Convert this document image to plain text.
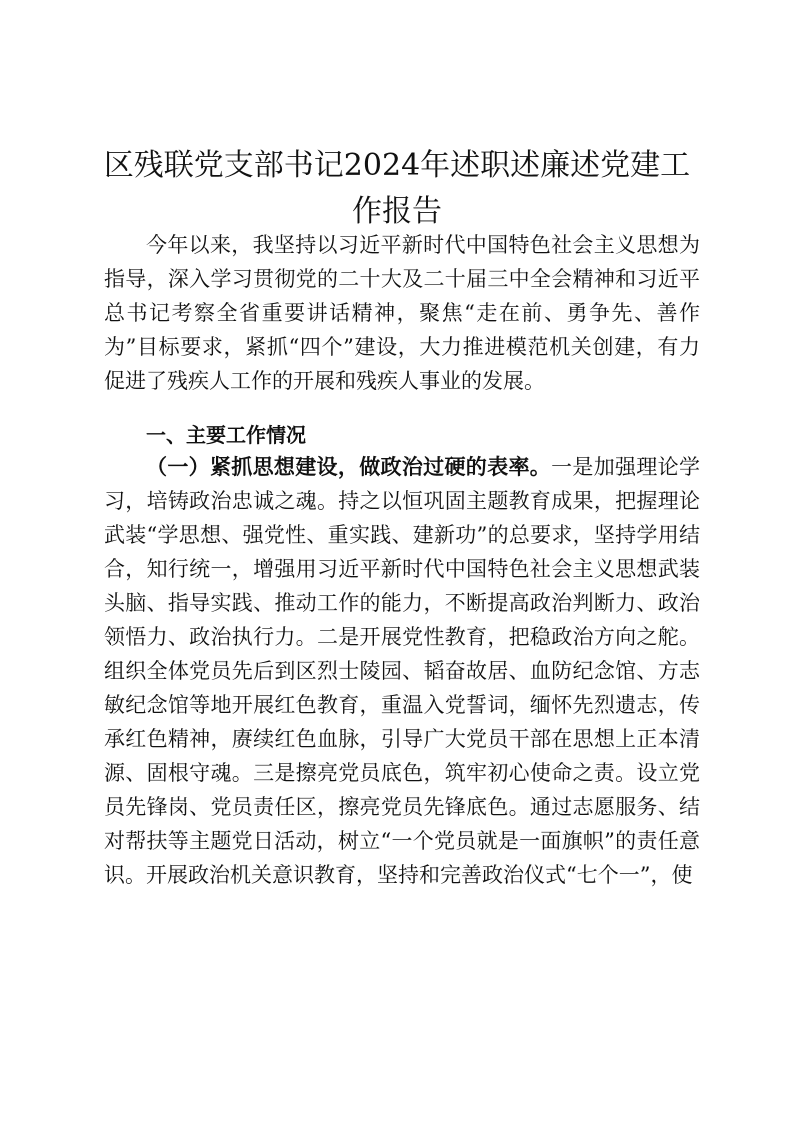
区残联党支部书记2024年述职述廉述党建工作报告

今年以来，我坚持以习近平新时代中国特色社会主义思想为指导，深入学习贯彻党的二十大及二十届三中全会精神和习近平总书记考察全省重要讲话精神，聚焦“走在前、勇争先、善作为”目标要求，紧抓“四个”建设，大力推进模范机关创建，有力促进了残疾人工作的开展和残疾人事业的发展。

一、主要工作情况

（一）紧抓思想建设，做政治过硬的表率。一是加强理论学习，培铸政治忠诚之魂。持之以恒巩固主题教育成果，把握理论武装“学思想、强党性、重实践、建新功”的总要求，坚持学用结合，知行统一，增强用习近平新时代中国特色社会主义思想武装头脑、指导实践、推动工作的能力，不断提高政治判断力、政治领悟力、政治执行力。二是开展党性教育，把稳政治方向之舵。组织全体党员先后到区烈士陵园、韬奋故居、血防纪念馆、方志敏纪念馆等地开展红色教育，重温入党誓词，缅怀先烈遗志，传承红色精神，赓续红色血脉，引导广大党员干部在思想上正本清源、固根守魂。三是擦亮党员底色，筑牢初心使命之责。设立党员先锋岗、党员责任区，擦亮党员先锋底色。通过志愿服务、结对帮扶等主题党日活动，树立“一个党员就是一面旗帜”的责任意识。开展政治机关意识教育，坚持和完善政治仪式“七个一”，使
